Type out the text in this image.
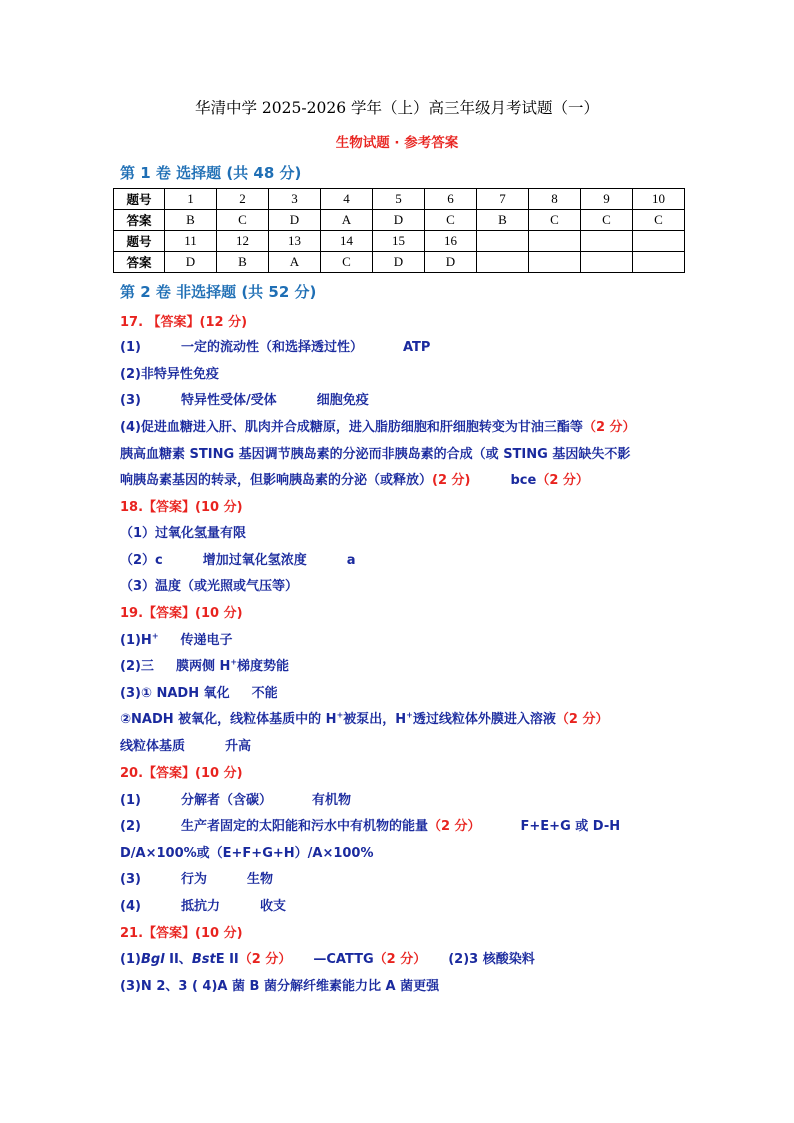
华清中学 2025-2026 学年（上）高三年级月考试题（一）
生物试题 · 参考答案
第 1 卷 选择题 (共 48 分)
题号	1	2	3	4	5	6	7	8	9	10
答案	B	C	D	A	D	C	B	C	C	C
题号	11	12	13	14	15	16				
答案	D	B	A	C	D	D				
第 2 卷 非选择题 (共 52 分)
17. 【答案】(12 分)
(1)	一定的流动性（和选择透过性）	ATP
(2)非特异性免疫
(3)	特异性受体/受体	细胞免疫
(4)促进血糖进入肝、肌肉并合成糖原，进入脂肪细胞和肝细胞转变为甘油三酯等（2 分）
胰高血糖素 STING 基因调节胰岛素的分泌而非胰岛素的合成（或 STING 基因缺失不影
响胰岛素基因的转录，但影响胰岛素的分泌（或释放）(2 分)	bce（2 分）
18.【答案】(10 分)
（1）过氧化氢量有限
（2）c	增加过氧化氢浓度	a
（3）温度（或光照或气压等）
19.【答案】(10 分)
(1)H+ 传递电子
(2)三 膜两侧 H+梯度势能
(3)① NADH 氧化 不能
②NADH 被氧化，线粒体基质中的 H+被泵出，H+透过线粒体外膜进入溶液（2 分）
线粒体基质	升高
20.【答案】(10 分)
(1)	分解者（含碳）	有机物
(2)	生产者固定的太阳能和污水中有机物的能量（2 分）	F+E+G 或 D-H
D/A×100%或（E+F+G+H）/A×100%
(3)	行为	生物
(4)	抵抗力	收支
21.【答案】(10 分)
(1)Bgl II、BstE II（2 分） —CATTG（2 分） (2)3 核酸染料
(3)N 2、3 ( 4)A 菌 B 菌分解纤维素能力比 A 菌更强
